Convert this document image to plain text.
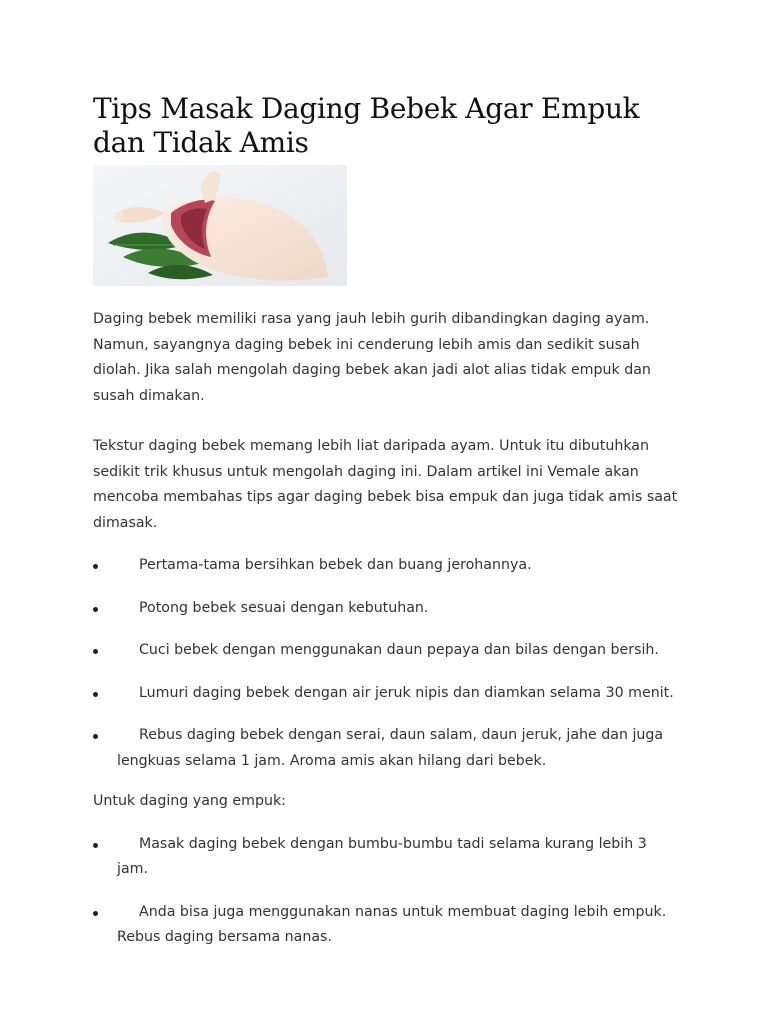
Tips Masak Daging Bebek Agar Empuk dan Tidak Amis

Daging bebek memiliki rasa yang jauh lebih gurih dibandingkan daging ayam. Namun, sayangnya daging bebek ini cenderung lebih amis dan sedikit susah diolah. Jika salah mengolah daging bebek akan jadi alot alias tidak empuk dan susah dimakan.

Tekstur daging bebek memang lebih liat daripada ayam. Untuk itu dibutuhkan sedikit trik khusus untuk mengolah daging ini. Dalam artikel ini Vemale akan mencoba membahas tips agar daging bebek bisa empuk dan juga tidak amis saat dimasak.

Pertama-tama bersihkan bebek dan buang jerohannya.
Potong bebek sesuai dengan kebutuhan.
Cuci bebek dengan menggunakan daun pepaya dan bilas dengan bersih.
Lumuri daging bebek dengan air jeruk nipis dan diamkan selama 30 menit.
Rebus daging bebek dengan serai, daun salam, daun jeruk, jahe dan juga lengkuas selama 1 jam. Aroma amis akan hilang dari bebek.

Untuk daging yang empuk:

Masak daging bebek dengan bumbu-bumbu tadi selama kurang lebih 3 jam.
Anda bisa juga menggunakan nanas untuk membuat daging lebih empuk. Rebus daging bersama nanas.
